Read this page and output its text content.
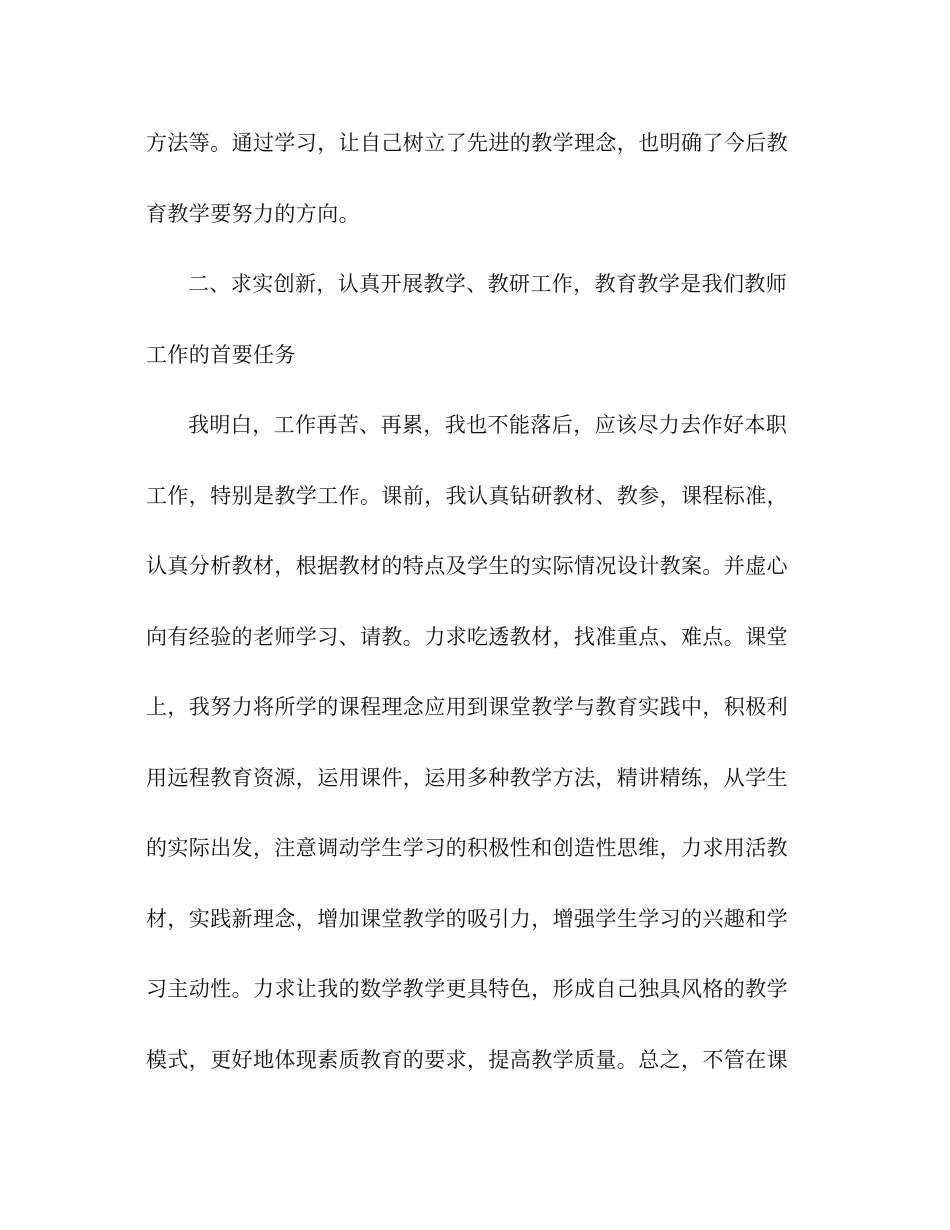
方法等。通过学习，让自己树立了先进的教学理念，也明确了今后教
育教学要努力的方向。
二、求实创新，认真开展教学、教研工作，教育教学是我们教师
工作的首要任务
我明白，工作再苦、再累，我也不能落后，应该尽力去作好本职
工作，特别是教学工作。课前，我认真钻研教材、教参，课程标准，
认真分析教材，根据教材的特点及学生的实际情况设计教案。并虚心
向有经验的老师学习、请教。力求吃透教材，找准重点、难点。课堂
上，我努力将所学的课程理念应用到课堂教学与教育实践中，积极利
用远程教育资源，运用课件，运用多种教学方法，精讲精练，从学生
的实际出发，注意调动学生学习的积极性和创造性思维，力求用活教
材，实践新理念，增加课堂教学的吸引力，增强学生学习的兴趣和学
习主动性。力求让我的数学教学更具特色，形成自己独具风格的教学
模式，更好地体现素质教育的要求，提高教学质量。总之，不管在课
